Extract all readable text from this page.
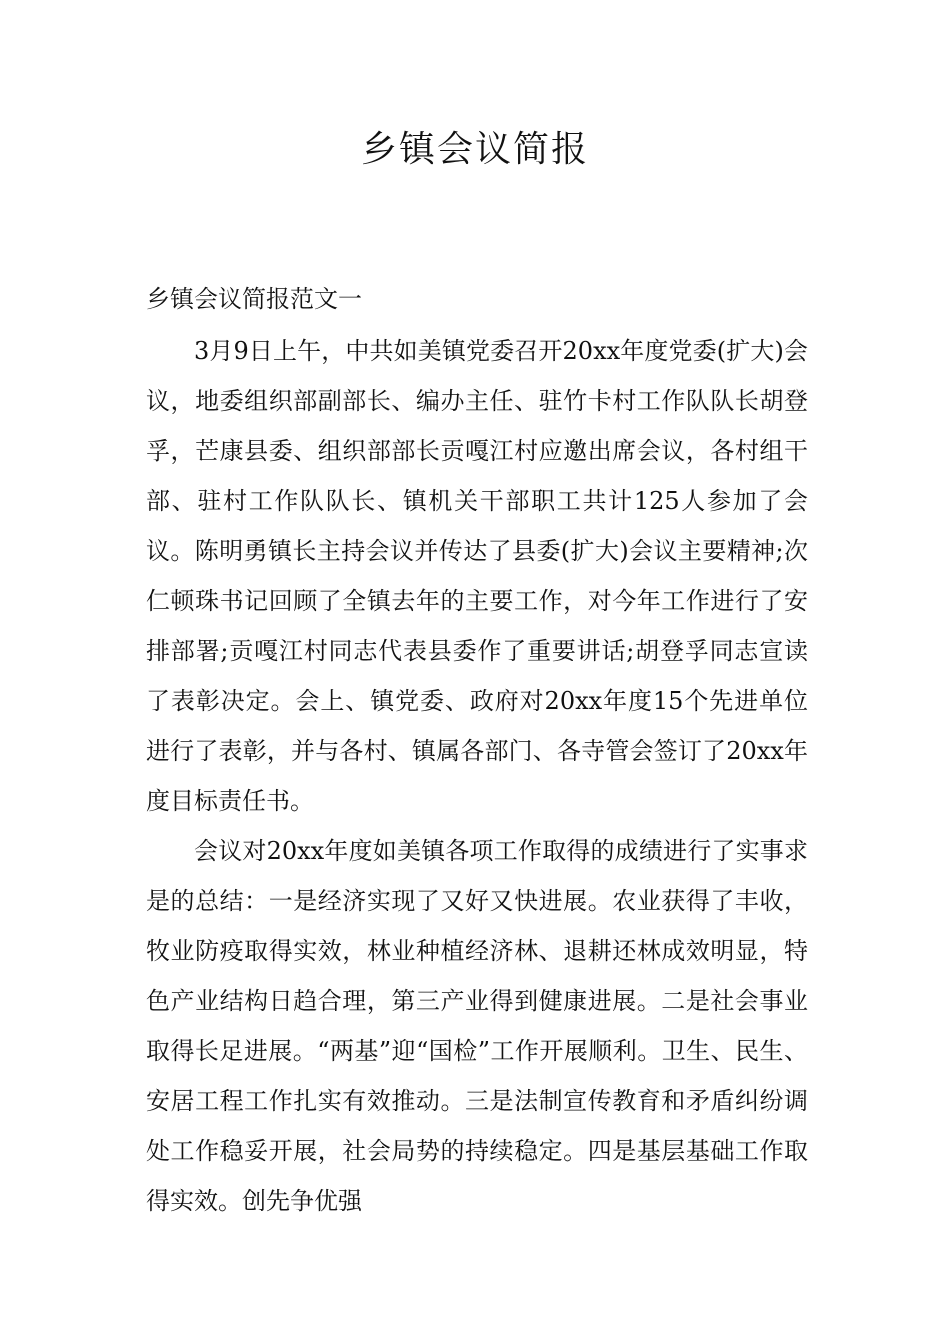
乡镇会议简报

乡镇会议简报范文一

3月9日上午，中共如美镇党委召开20xx年度党委(扩大)会议，地委组织部副部长、编办主任、驻竹卡村工作队队长胡登孚，芒康县委、组织部部长贡嘎江村应邀出席会议，各村组干部、驻村工作队队长、镇机关干部职工共计125人参加了会议。陈明勇镇长主持会议并传达了县委(扩大)会议主要精神;次仁顿珠书记回顾了全镇去年的主要工作，对今年工作进行了安排部署;贡嘎江村同志代表县委作了重要讲话;胡登孚同志宣读了表彰决定。会上、镇党委、政府对20xx年度15个先进单位进行了表彰，并与各村、镇属各部门、各寺管会签订了20xx年度目标责任书。

会议对20xx年度如美镇各项工作取得的成绩进行了实事求是的总结：一是经济实现了又好又快进展。农业获得了丰收，牧业防疫取得实效，林业种植经济林、退耕还林成效明显，特色产业结构日趋合理，第三产业得到健康进展。二是社会事业取得长足进展。“两基”迎“国检”工作开展顺利。卫生、民生、安居工程工作扎实有效推动。三是法制宣传教育和矛盾纠纷调处工作稳妥开展，社会局势的持续稳定。四是基层基础工作取得实效。创先争优强
